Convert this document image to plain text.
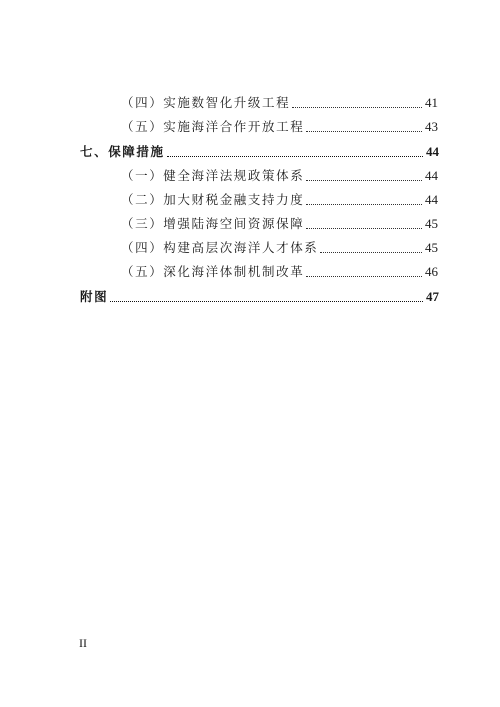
（四）实施数智化升级工程	41
（五）实施海洋合作开放工程	43
七、保障措施	44
（一）健全海洋法规政策体系	44
（二）加大财税金融支持力度	44
（三）增强陆海空间资源保障	45
（四）构建高层次海洋人才体系	45
（五）深化海洋体制机制改革	46
附图	47
II
